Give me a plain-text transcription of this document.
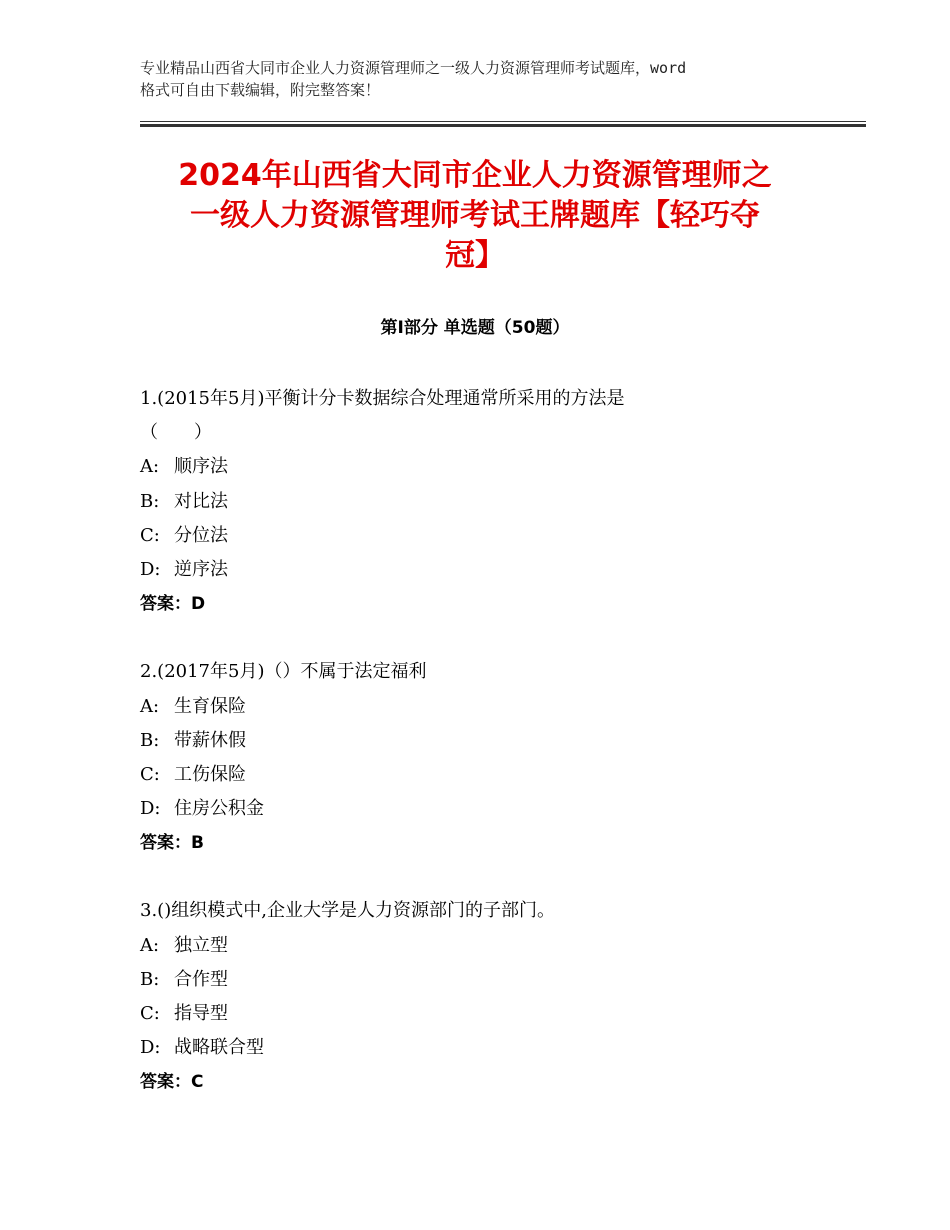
专业精品山西省大同市企业人力资源管理师之一级人力资源管理师考试题库，word
格式可自由下载编辑，附完整答案！

2024年山西省大同市企业人力资源管理师之
一级人力资源管理师考试王牌题库【轻巧夺
冠】
第Ⅰ部分 单选题（50题）
1.(2015年5月)平衡计分卡数据综合处理通常所采用的方法是
（　　）
A: 顺序法
B: 对比法
C: 分位法
D: 逆序法
答案：D
2.(2017年5月)（）不属于法定福利
A: 生育保险
B: 带薪休假
C: 工伤保险
D: 住房公积金
答案：B
3.()组织模式中,企业大学是人力资源部门的子部门。
A: 独立型
B: 合作型
C: 指导型
D: 战略联合型
答案：C
